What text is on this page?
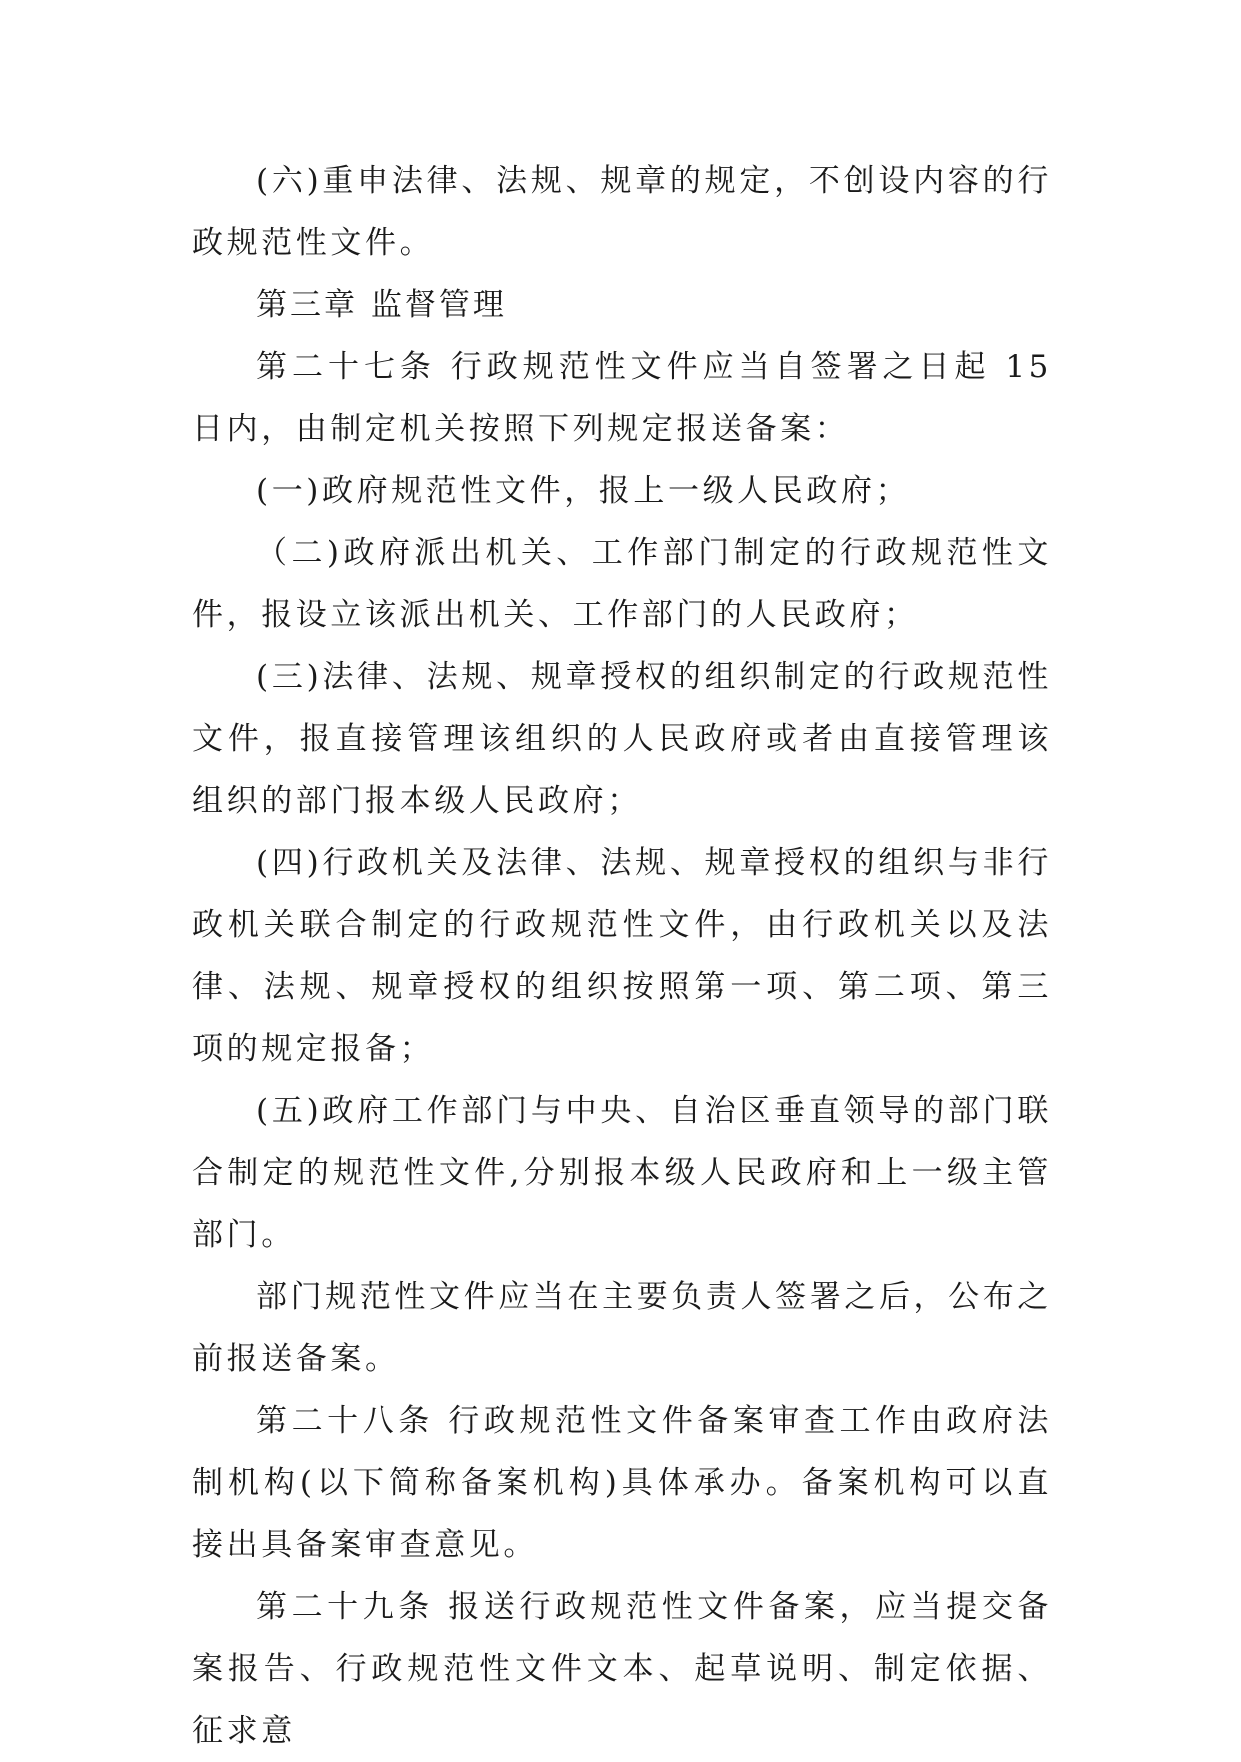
(六)重申法律、法规、规章的规定，不创设内容的行政规范性文件。

第三章 监督管理

第二十七条 行政规范性文件应当自签署之日起 15 日内，由制定机关按照下列规定报送备案：

(一)政府规范性文件，报上一级人民政府；

（二)政府派出机关、工作部门制定的行政规范性文件，报设立该派出机关、工作部门的人民政府；

(三)法律、法规、规章授权的组织制定的行政规范性文件，报直接管理该组织的人民政府或者由直接管理该组织的部门报本级人民政府；

(四)行政机关及法律、法规、规章授权的组织与非行政机关联合制定的行政规范性文件，由行政机关以及法律、法规、规章授权的组织按照第一项、第二项、第三项的规定报备；

(五)政府工作部门与中央、自治区垂直领导的部门联合制定的规范性文件,分别报本级人民政府和上一级主管部门。

部门规范性文件应当在主要负责人签署之后，公布之前报送备案。

第二十八条 行政规范性文件备案审查工作由政府法制机构(以下简称备案机构)具体承办。备案机构可以直接出具备案审查意见。

第二十九条 报送行政规范性文件备案，应当提交备案报告、行政规范性文件文本、起草说明、制定依据、征求意
